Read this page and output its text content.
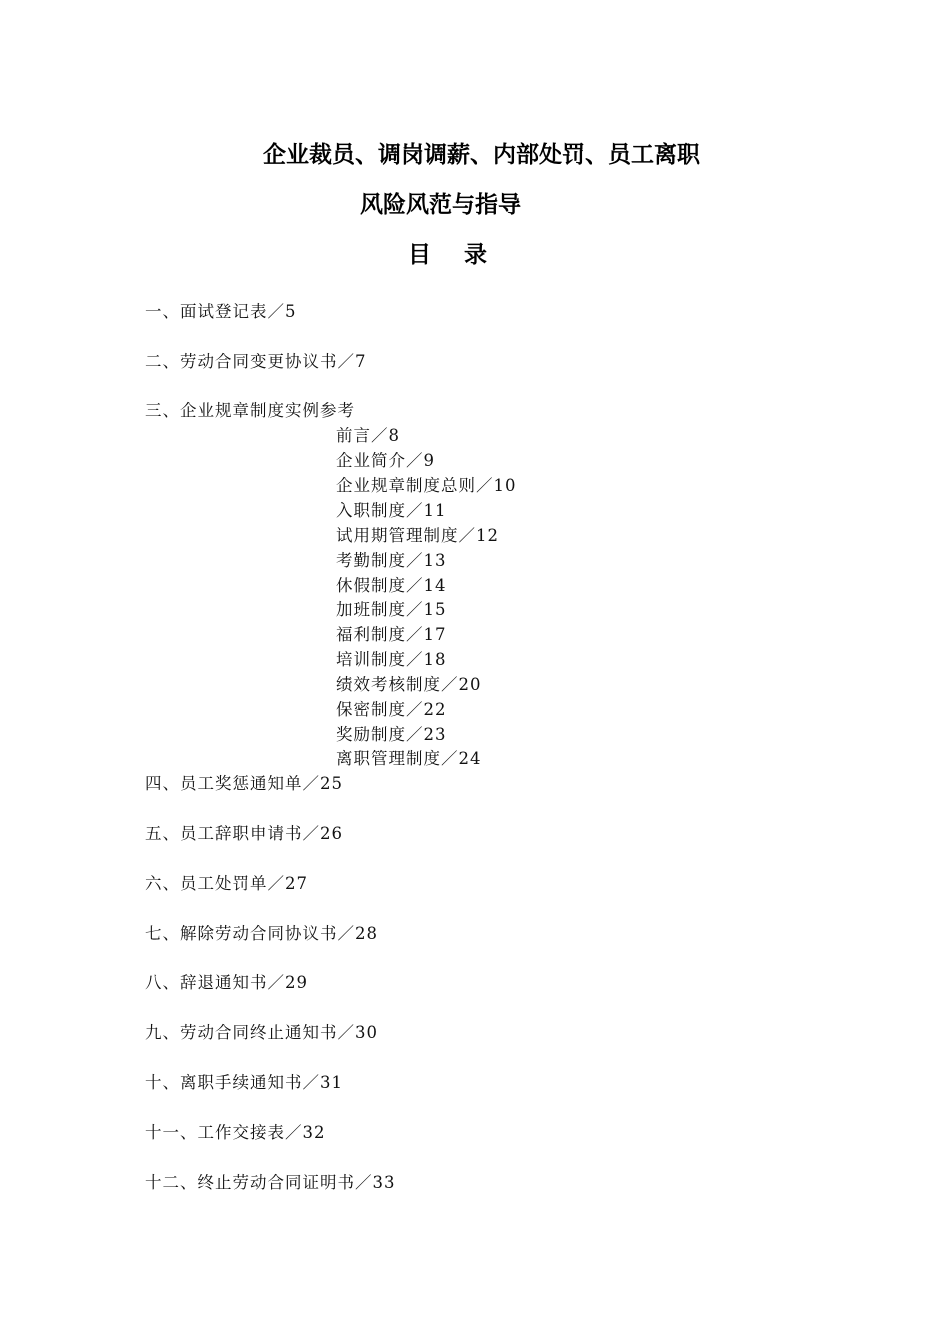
企业裁员、调岗调薪、内部处罚、员工离职
风险风范与指导
目录
一、面试登记表／5
二、劳动合同变更协议书／7
三、企业规章制度实例参考
前言／8
企业简介／9
企业规章制度总则／10
入职制度／11
试用期管理制度／12
考勤制度／13
休假制度／14
加班制度／15
福利制度／17
培训制度／18
绩效考核制度／20
保密制度／22
奖励制度／23
离职管理制度／24
四、员工奖惩通知单／25
五、员工辞职申请书／26
六、员工处罚单／27
七、解除劳动合同协议书／28
八、辞退通知书／29
九、劳动合同终止通知书／30
十、离职手续通知书／31
十一、工作交接表／32
十二、终止劳动合同证明书／33
